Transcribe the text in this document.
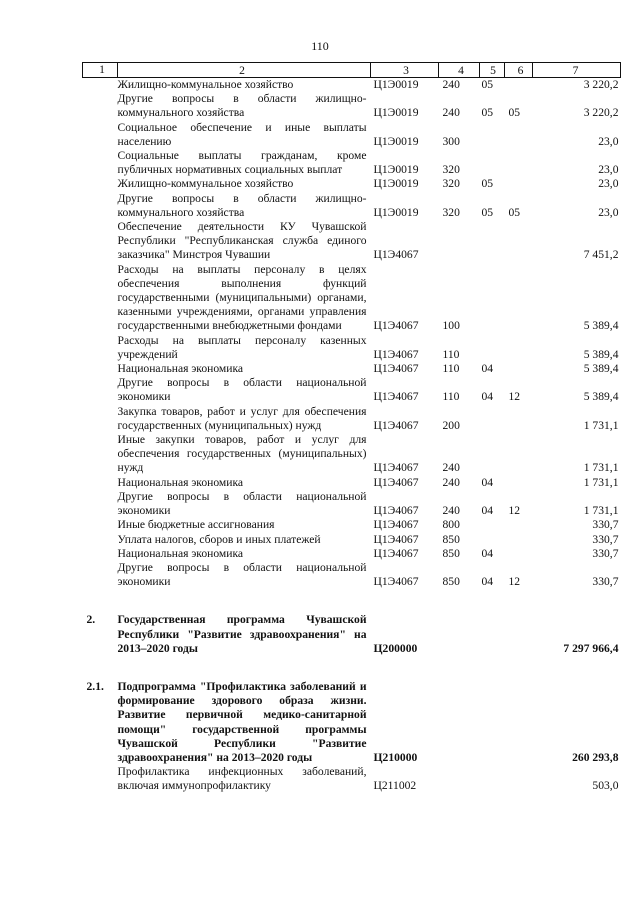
110
1	2	3	4	5	6	7
	Жилищно-коммунальное хозяйство	Ц1Э0019	240	05		3 220,2
	Другие вопросы в области жилищно-коммунального хозяйства	Ц1Э0019	240	05	05	3 220,2
	Социальное обеспечение и иные выплаты населению	Ц1Э0019	300			23,0
	Социальные выплаты гражданам, кроме публичных нормативных социальных выплат	Ц1Э0019	320			23,0
	Жилищно-коммунальное хозяйство	Ц1Э0019	320	05		23,0
	Другие вопросы в области жилищно-коммунального хозяйства	Ц1Э0019	320	05	05	23,0
	Обеспечение деятельности КУ Чувашской Республики "Республиканская служба единого заказчика" Минстроя Чувашии	Ц1Э4067				7 451,2
	Расходы на выплаты персоналу в целях обеспечения выполнения функций государственными (муниципальными) органами, казенными учреждениями, органами управления государственными внебюджетными фондами	Ц1Э4067	100			5 389,4
	Расходы на выплаты персоналу казенных учреждений	Ц1Э4067	110			5 389,4
	Национальная экономика	Ц1Э4067	110	04		5 389,4
	Другие вопросы в области национальной экономики	Ц1Э4067	110	04	12	5 389,4
	Закупка товаров, работ и услуг для обеспечения государственных (муниципальных) нужд	Ц1Э4067	200			1 731,1
	Иные закупки товаров, работ и услуг для обеспечения государственных (муниципальных) нужд	Ц1Э4067	240			1 731,1
	Национальная экономика	Ц1Э4067	240	04		1 731,1
	Другие вопросы в области национальной экономики	Ц1Э4067	240	04	12	1 731,1
	Иные бюджетные ассигнования	Ц1Э4067	800			330,7
	Уплата налогов, сборов и иных платежей	Ц1Э4067	850			330,7
	Национальная экономика	Ц1Э4067	850	04		330,7
	Другие вопросы в области национальной экономики	Ц1Э4067	850	04	12	330,7
2.	Государственная программа Чувашской Республики "Развитие здравоохранения" на 2013–2020 годы	Ц200000				7 297 966,4
2.1.	Подпрограмма "Профилактика заболеваний и формирование здорового образа жизни. Развитие первичной медико-санитарной помощи" государственной программы Чувашской Республики "Развитие здравоохранения" на 2013–2020 годы	Ц210000				260 293,8
	Профилактика инфекционных заболеваний, включая иммунопрофилактику	Ц211002				503,0
